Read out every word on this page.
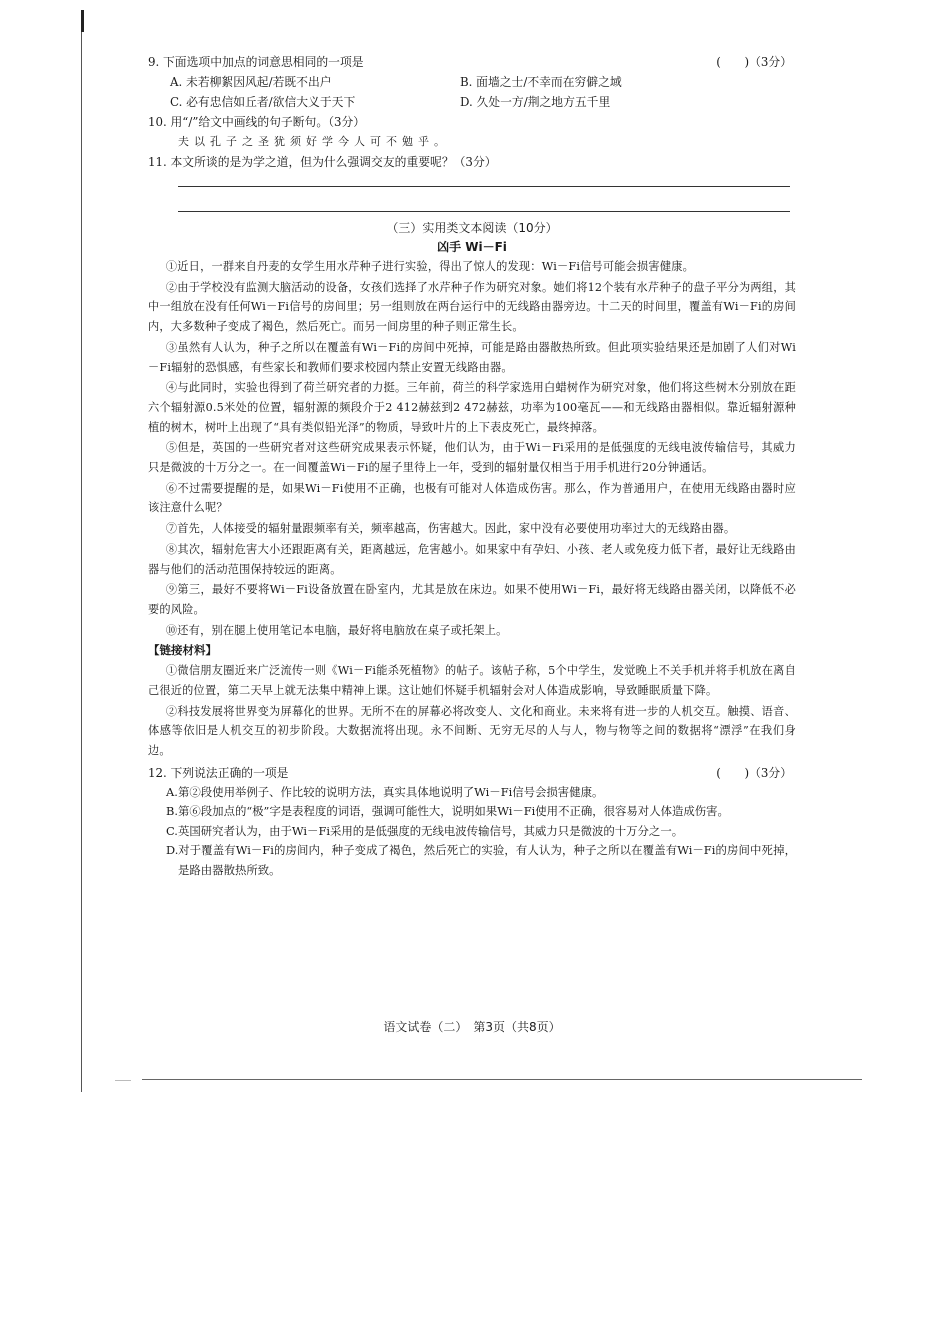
9. 下面选项中加点的词意思相同的一项是	(　　)（3分）
A. 未若柳絮因风起/若既不出户	B. 面墙之士/不幸而在穷僻之域
C. 必有忠信如丘者/欲信大义于天下	D. 久处一方/荆之地方五千里
10. 用“/”给文中画线的句子断句。（3分）
夫以孔子之圣犹须好学今人可不勉乎。
11. 本文所谈的是为学之道，但为什么强调交友的重要呢？（3分）
（三）实用类文本阅读（10分）
凶手 Wi－Fi
①近日，一群来自丹麦的女学生用水芹种子进行实验，得出了惊人的发现：Wi－Fi信号可能会损害健康。
②由于学校没有监测大脑活动的设备，女孩们选择了水芹种子作为研究对象。她们将12个装有水芹种子的盘子平分为两组，其中一组放在没有任何Wi－Fi信号的房间里；另一组则放在两台运行中的无线路由器旁边。十二天的时间里，覆盖有Wi－Fi的房间内，大多数种子变成了褐色，然后死亡。而另一间房里的种子则正常生长。
③虽然有人认为，种子之所以在覆盖有Wi－Fi的房间中死掉，可能是路由器散热所致。但此项实验结果还是加剧了人们对Wi－Fi辐射的恐惧感，有些家长和教师们要求校园内禁止安置无线路由器。
④与此同时，实验也得到了荷兰研究者的力挺。三年前，荷兰的科学家选用白蜡树作为研究对象，他们将这些树木分别放在距六个辐射源0.5米处的位置，辐射源的频段介于2 412赫兹到2 472赫兹，功率为100毫瓦——和无线路由器相似。靠近辐射源种植的树木，树叶上出现了“具有类似铅光泽”的物质，导致叶片的上下表皮死亡，最终掉落。
⑤但是，英国的一些研究者对这些研究成果表示怀疑，他们认为，由于Wi－Fi采用的是低强度的无线电波传输信号，其威力只是微波的十万分之一。在一间覆盖Wi－Fi的屋子里待上一年，受到的辐射量仅相当于用手机进行20分钟通话。
⑥不过需要提醒的是，如果Wi－Fi使用不正确，也极有可能对人体造成伤害。那么，作为普通用户，在使用无线路由器时应该注意什么呢？
⑦首先，人体接受的辐射量跟频率有关，频率越高，伤害越大。因此，家中没有必要使用功率过大的无线路由器。
⑧其次，辐射危害大小还跟距离有关，距离越远，危害越小。如果家中有孕妇、小孩、老人或免疫力低下者，最好让无线路由器与他们的活动范围保持较远的距离。
⑨第三，最好不要将Wi－Fi设备放置在卧室内，尤其是放在床边。如果不使用Wi－Fi，最好将无线路由器关闭，以降低不必要的风险。
⑩还有，别在腿上使用笔记本电脑，最好将电脑放在桌子或托架上。
【链接材料】
①微信朋友圈近来广泛流传一则《Wi－Fi能杀死植物》的帖子。该帖子称，5个中学生，发觉晚上不关手机并将手机放在离自己很近的位置，第二天早上就无法集中精神上课。这让她们怀疑手机辐射会对人体造成影响，导致睡眠质量下降。
②科技发展将世界变为屏幕化的世界。无所不在的屏幕必将改变人、文化和商业。未来将有进一步的人机交互。触摸、语音、体感等依旧是人机交互的初步阶段。大数据流将出现。永不间断、无穷无尽的人与人，物与物等之间的数据将“漂浮”在我们身边。
12. 下列说法正确的一项是	(　　)（3分）
A.第②段使用举例子、作比较的说明方法，真实具体地说明了Wi－Fi信号会损害健康。
B.第⑥段加点的“极”字是表程度的词语，强调可能性大，说明如果Wi－Fi使用不正确，很容易对人体造成伤害。
C.英国研究者认为，由于Wi－Fi采用的是低强度的无线电波传输信号，其威力只是微波的十万分之一。
D.对于覆盖有Wi－Fi的房间内，种子变成了褐色，然后死亡的实验，有人认为，种子之所以在覆盖有Wi－Fi的房间中死掉，是路由器散热所致。
语文试卷（二）　第3页（共8页）
